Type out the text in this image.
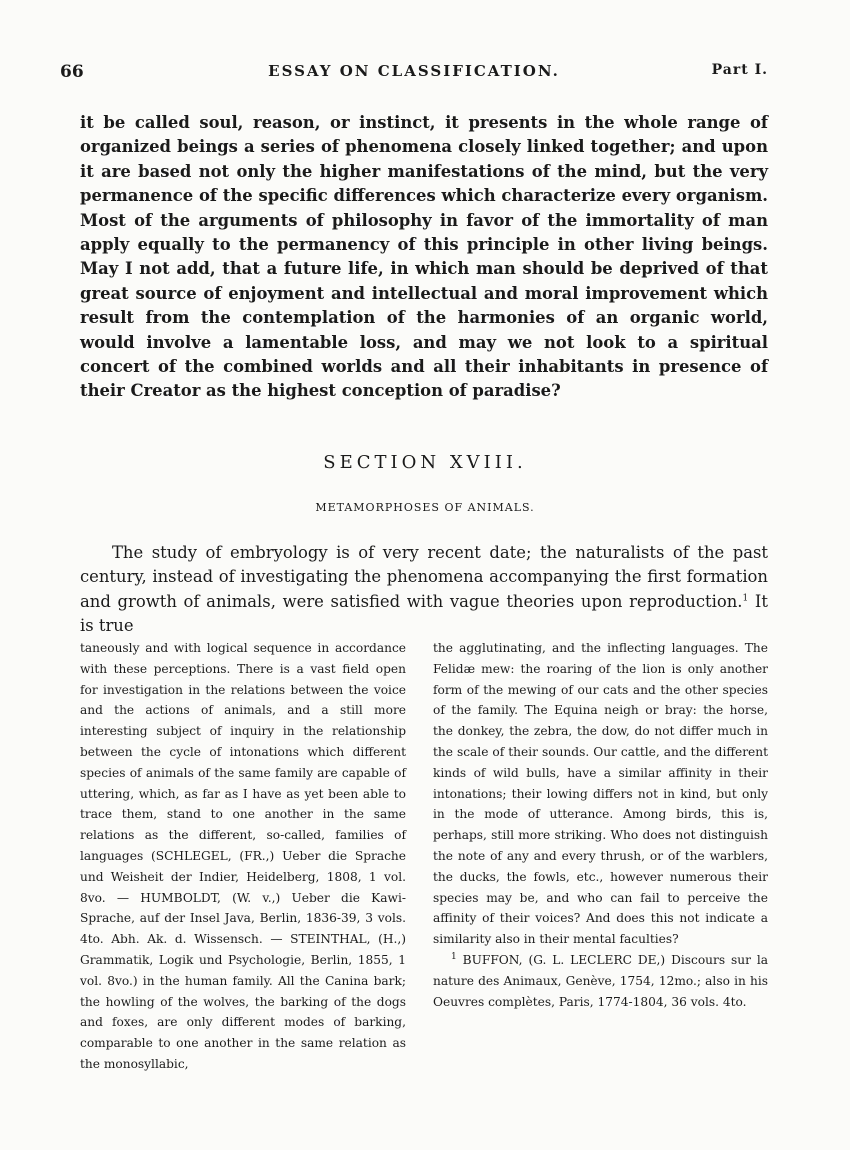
66	ESSAY ON CLASSIFICATION.	Part I.

it be called soul, reason, or instinct, it presents in the whole range of organized beings a series of phenomena closely linked together; and upon it are based not only the higher manifestations of the mind, but the very permanence of the specific differences which characterize every organism. Most of the arguments of philosophy in favor of the immortality of man apply equally to the permanency of this principle in other living beings. May I not add, that a future life, in which man should be deprived of that great source of enjoyment and intellectual and moral improvement which result from the contemplation of the harmonies of an organic world, would involve a lamentable loss, and may we not look to a spiritual concert of the combined worlds and all their inhabitants in presence of their Creator as the highest conception of paradise?

SECTION XVIII.
METAMORPHOSES OF ANIMALS.

The study of embryology is of very recent date; the naturalists of the past century, instead of investigating the phenomena accompanying the first formation and growth of animals, were satisfied with vague theories upon reproduction.$^1$ It is true

taneously and with logical sequence in accordance with these perceptions. There is a vast field open for investigation in the relations between the voice and the actions of animals, and a still more interesting subject of inquiry in the relationship between the cycle of intonations which different species of animals of the same family are capable of uttering, which, as far as I have as yet been able to trace them, stand to one another in the same relations as the different, so-called, families of languages (SCHLEGEL, (FR.,) Ueber die Sprache und Weisheit der Indier, Heidelberg, 1808, 1 vol. 8vo. — HUMBOLDT, (W. v.,) Ueber die Kawi-Sprache, auf der Insel Java, Berlin, 1836-39, 3 vols. 4to. Abh. Ak. d. Wissensch. — STEINTHAL, (H.,) Grammatik, Logik und Psychologie, Berlin, 1855, 1 vol. 8vo.) in the human family. All the Canina bark; the howling of the wolves, the barking of the dogs and foxes, are only different modes of barking, comparable to one another in the same relation as the monosyllabic,

the agglutinating, and the inflecting languages. The Felidæ mew: the roaring of the lion is only another form of the mewing of our cats and the other species of the family. The Equina neigh or bray: the horse, the donkey, the zebra, the dow, do not differ much in the scale of their sounds. Our cattle, and the different kinds of wild bulls, have a similar affinity in their intonations; their lowing differs not in kind, but only in the mode of utterance. Among birds, this is, perhaps, still more striking. Who does not distinguish the note of any and every thrush, or of the warblers, the ducks, the fowls, etc., however numerous their species may be, and who can fail to perceive the affinity of their voices? And does this not indicate a similarity also in their mental faculties?

$^1$ BUFFON, (G. L. LECLERC DE,) Discours sur la nature des Animaux, Genève, 1754, 12mo.; also in his Oeuvres complètes, Paris, 1774-1804, 36 vols. 4to.
